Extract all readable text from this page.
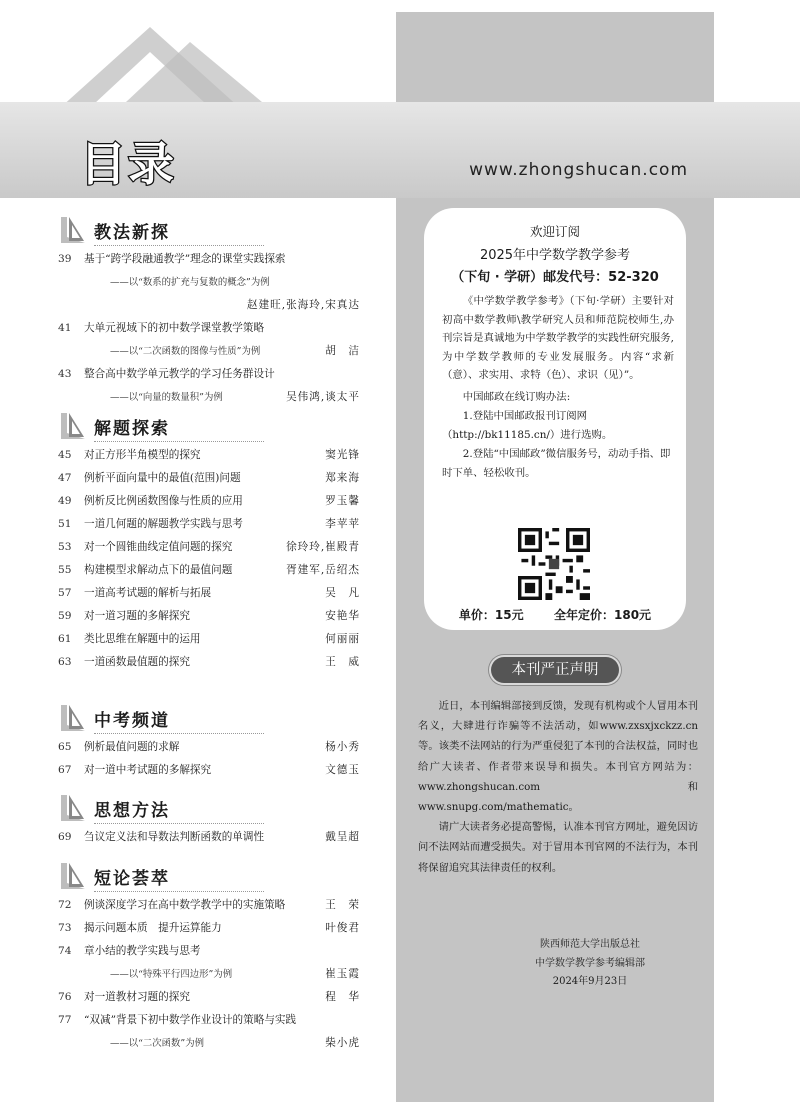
目录	www.zhongshucan.com
教法新探
39 基于“跨学段融通教学”理念的课堂实践探索
——以“数系的扩充与复数的概念”为例
赵建旺,张海玲,宋真达
41 大单元视域下的初中数学课堂教学策略
——以“二次函数的图像与性质”为例	胡　洁
43 整合高中数学单元教学的学习任务群设计
——以“向量的数量积”为例	吴伟鸿,谈太平
解题探索
45 对正方形半角模型的探究	窦光锋
47 例析平面向量中的最值(范围)问题	郑来海
49 例析反比例函数图像与性质的应用	罗玉馨
51 一道几何题的解题教学实践与思考	李苹苹
53 对一个圆锥曲线定值问题的探究	徐玲玲,崔殿青
55 构建模型求解动点下的最值问题	胥建军,岳绍杰
57 一道高考试题的解析与拓展	吴　凡
59 对一道习题的多解探究	安艳华
61 类比思维在解题中的运用	何丽丽
63 一道函数最值题的探究	王　威
中考频道
65 例析最值问题的求解	杨小秀
67 对一道中考试题的多解探究	文德玉
思想方法
69 刍议定义法和导数法判断函数的单调性	戴呈超
短论荟萃
72 例谈深度学习在高中数学教学中的实施策略	王　荣
73 揭示问题本质　提升运算能力	叶俊君
74 章小结的教学实践与思考
——以“特殊平行四边形”为例	崔玉霞
76 对一道教材习题的探究	程　华
77 “双减”背景下初中数学作业设计的策略与实践
——以“二次函数”为例	柴小虎
欢迎订阅
2025年中学数学教学参考
（下旬 · 学研）邮发代号：52-320
《中学数学教学参考》（下旬·学研）主要针对初高中数学教师\教学研究人员和师范院校师生,办刊宗旨是真诚地为中学数学教学的实践性研究服务,为中学数学教师的专业发展服务。内容“求新（意）、求实用、求特（色）、求识（见）”。
中国邮政在线订购办法:
1.登陆中国邮政报刊订阅网（http://bk11185.cn/）进行选购。
2.登陆“中国邮政”微信服务号，动动手指、即时下单、轻松收刊。
单价：15元	全年定价：180元
本刊严正声明

近日，本刊编辑部接到反馈，发现有机构或个人冒用本刊名义，大肆进行诈骗等不法活动，如www.zxsxjxckzz.cn等。该类不法网站的行为严重侵犯了本刊的合法权益，同时也给广大读者、作者带来误导和损失。本刊官方网站为：www.zhongshucan.com 和 www.snupg.com/mathematic。

请广大读者务必提高警惕，认准本刊官方网址，避免因访问不法网站而遭受损失。对于冒用本刊官网的不法行为，本刊将保留追究其法律责任的权利。

陕西师范大学出版总社
中学数学教学参考编辑部
2024年9月23日
